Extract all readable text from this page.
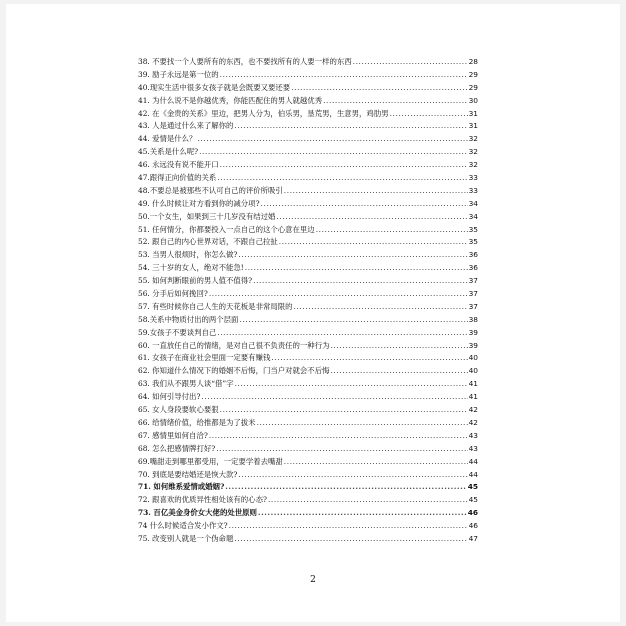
38. 不要找一个人要所有的东西，也不要找所有的人要一样的东西 .....	28
39. 励子永远是第一位的 .....	29
40.现实生活中很多女孩子就是会既要又要还要 .....	29
41. 为什么说不是你越优秀，你能匹配住的男人就越优秀 .....	30
42. 在《金贵的关系》里边，把男人分为，伯乐男，垦荒男，生意男，鸡肋男 .....	31
43. 人是通过什么来了解你的 .....	31
44. 爱情是什么？ .....	32
45.关系是什么呢? .....	32
46. 永远没有说不能开口 .....	32
47.跟得正向价值的关系 .....	33
48.不要总是被那些不认可自己的评价所吸引 .....	33
49. 什么时候让对方看到你的减分项? .....	34
50.一个女生，如果到三十几岁没有结过婚 .....	34
51. 任何情分，你都要投入一点自己的这个心意在里边 .....	35
52. 跟自己的内心世界对话，不跟自己拉扯 .....	35
53. 当男人很烦时，你怎么做? .....	36
54. 三十岁的女人，绝对不能急! .....	36
55. 如何判断眼前的男人值不值得? .....	37
56. 分手后如何挽回? .....	37
57. 有些时候你自己人生的天花板是非常局限的 .....	37
58.关系中物质付出的两个层面 .....	38
59.女孩子不要谈判自己 .....	39
60. 一直放任自己的情绪，是对自己很不负责任的一种行为 .....	39
61. 女孩子在商业社会里面一定要有赚钱 .....	40
62. 你知道什么情况下的婚姻不后悔，门当户对就会不后悔 .....	40
63. 我们从不跟男人谈“借”字 .....	41
64. 如何引导付出? .....	41
65. 女人身段要软心要狠 .....	42
66. 给情绪价值，给推都是为了拔米 .....	42
67. 感情里如何自洽? .....	43
68. 怎么把感情牌打好? .....	43
69.嘴甜走到哪里都受用，一定要学着去嘴甜 .....	44
70. 到底是要结婚还是恢大款? .....	44
71. 如何维系爱情或婚姻? .....	45
72. 跟喜欢的优质异性相处该有的心态? .....	45
73. 百亿美金身价女大佬的处世原则 .....	46
74 什么时候适合发小作文? .....	46
75. 改变别人就是一个伪命题 .....	47
2
